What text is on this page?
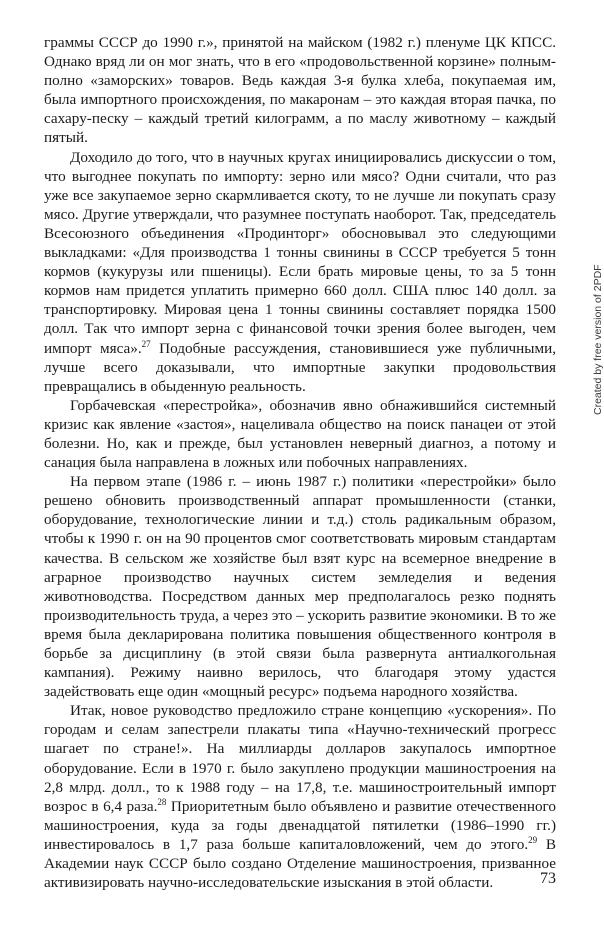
граммы СССР до 1990 г.», принятой на майском (1982 г.) пленуме ЦК КПСС. Однако вряд ли он мог знать, что в его «продовольственной корзине» полным-полно «заморских» товаров. Ведь каждая 3-я булка хлеба, покупаемая им, была импортного происхождения, по макаронам – это каждая вторая пачка, по сахару-песку – каждый третий килограмм, а по маслу животному – каждый пятый.

Доходило до того, что в научных кругах инициировались дискуссии о том, что выгоднее покупать по импорту: зерно или мясо? Одни считали, что раз уже все закупаемое зерно скармливается скоту, то не лучше ли покупать сразу мясо. Другие утверждали, что разумнее поступать наоборот. Так, председатель Всесоюзного объединения «Продинторг» обосновывал это следующими выкладками: «Для производства 1 тонны свинины в СССР требуется 5 тонн кормов (кукурузы или пшеницы). Если брать мировые цены, то за 5 тонн кормов нам придется уплатить примерно 660 долл. США плюс 140 долл. за транспортировку. Мировая цена 1 тонны свинины составляет порядка 1500 долл. Так что импорт зерна с финансовой точки зрения более выгоден, чем импорт мяса».$^{27}$ Подобные рассуждения, становившиеся уже публичными, лучше всего доказывали, что импортные закупки продовольствия превращались в обыденную реальность.

Горбачевская «перестройка», обозначив явно обнажившийся системный кризис как явление «застоя», нацеливала общество на поиск панацеи от этой болезни. Но, как и прежде, был установлен неверный диагноз, а потому и санация была направлена в ложных или побочных направлениях.

На первом этапе (1986 г. – июнь 1987 г.) политики «перестройки» было решено обновить производственный аппарат промышленности (станки, оборудование, технологические линии и т.д.) столь радикальным образом, чтобы к 1990 г. он на 90 процентов смог соответствовать мировым стандартам качества. В сельском же хозяйстве был взят курс на всемерное внедрение в аграрное производство научных систем земледелия и ведения животноводства. Посредством данных мер предполагалось резко поднять производительность труда, а через это – ускорить развитие экономики. В то же время была декларирована политика повышения общественного контроля в борьбе за дисциплину (в этой связи была развернута антиалкогольная кампания). Режиму наивно верилось, что благодаря этому удастся задействовать еще один «мощный ресурс» подъема народного хозяйства.

Итак, новое руководство предложило стране концепцию «ускорения». По городам и селам запестрели плакаты типа «Научно-технический прогресс шагает по стране!». На миллиарды долларов закупалось импортное оборудование. Если в 1970 г. было закуплено продукции машиностроения на 2,8 млрд. долл., то к 1988 году – на 17,8, т.е. машиностроительный импорт возрос в 6,4 раза.$^{28}$ Приоритетным было объявлено и развитие отечественного машиностроения, куда за годы двенадцатой пятилетки (1986–1990 гг.) инвестировалось в 1,7 раза больше капиталовложений, чем до этого.$^{29}$ В Академии наук СССР было создано Отделение машиностроения, призванное активизировать научно-исследовательские изыскания в этой области.

Created by free version of 2PDF
73
